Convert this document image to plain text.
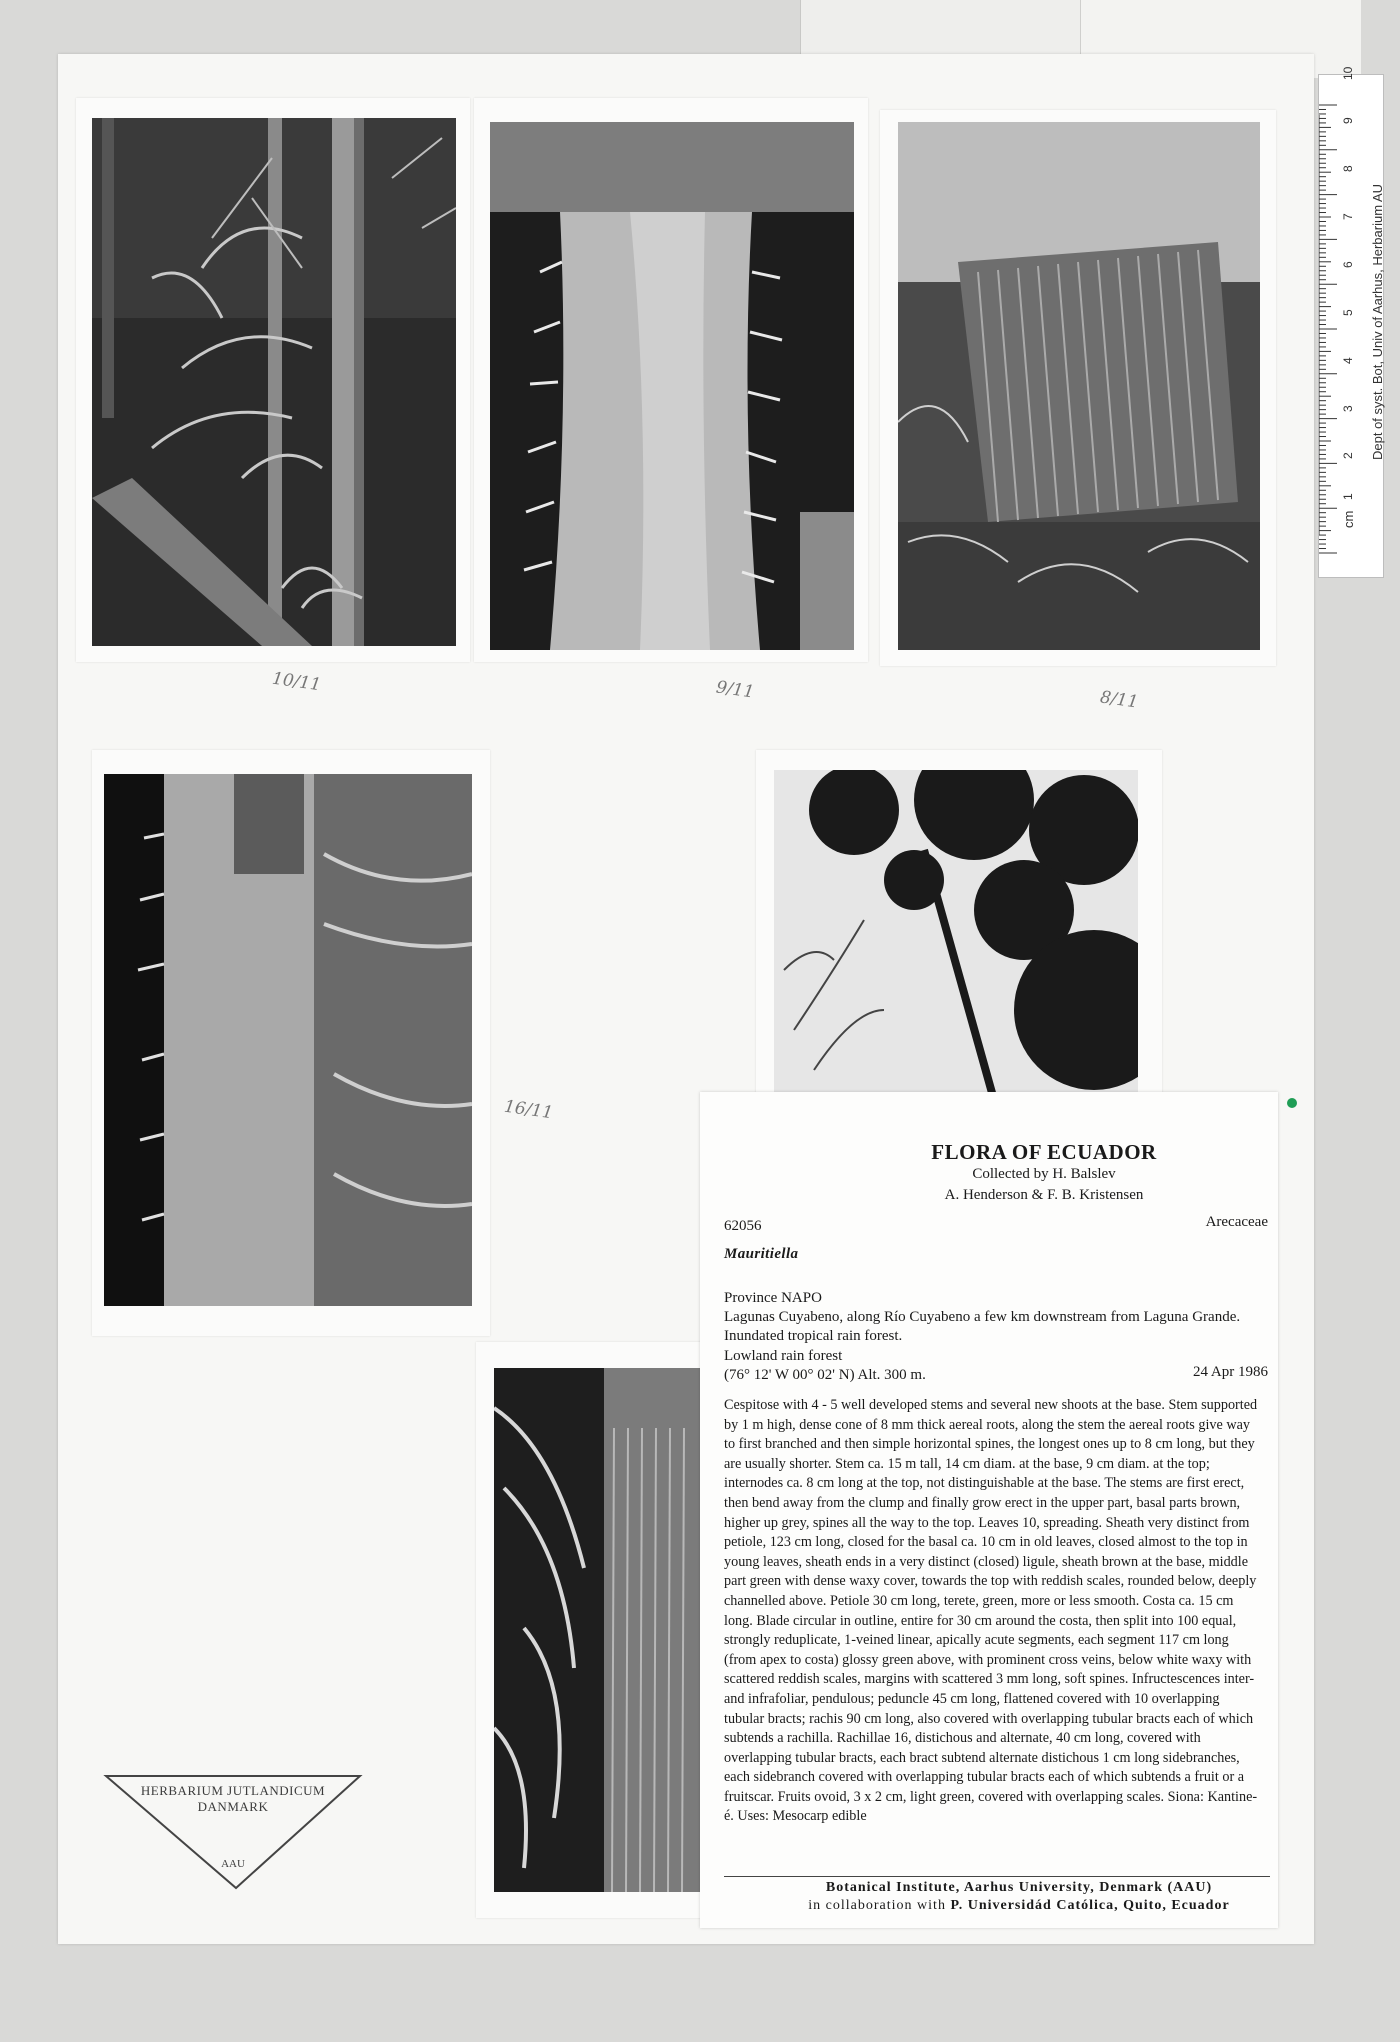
10/11	9/11	8/11
16/11
cm
1
2
3
4
5
6
7
8
9
10
Dept of syst. Bot, Univ of Aarhus, Herbarium AU
FLORA OF ECUADOR
Collected by H. Balslev
A. Henderson & F. B. Kristensen
62056	Arecaceae
Mauritiella
Province NAPO
Lagunas Cuyabeno, along Río Cuyabeno a few km downstream from Laguna Grande. Inundated tropical rain forest.
Lowland rain forest
(76° 12' W 00° 02' N) Alt. 300 m.	24 Apr 1986
Cespitose with 4 - 5 well developed stems and several new shoots at the base. Stem supported by 1 m high, dense cone of 8 mm thick aereal roots, along the stem the aereal roots give way to first branched and then simple horizontal spines, the longest ones up to 8 cm long, but they are usually shorter. Stem ca. 15 m tall, 14 cm diam. at the base, 9 cm diam. at the top; internodes ca. 8 cm long at the top, not distinguishable at the base. The stems are first erect, then bend away from the clump and finally grow erect in the upper part, basal parts brown, higher up grey, spines all the way to the top. Leaves 10, spreading. Sheath very distinct from petiole, 123 cm long, closed for the basal ca. 10 cm in old leaves, closed almost to the top in young leaves, sheath ends in a very distinct (closed) ligule, sheath brown at the base, middle part green with dense waxy cover, towards the top with reddish scales, rounded below, deeply channelled above. Petiole 30 cm long, terete, green, more or less smooth. Costa ca. 15 cm long. Blade circular in outline, entire for 30 cm around the costa, then split into 100 equal, strongly reduplicate, 1-veined linear, apically acute segments, each segment 117 cm long (from apex to costa) glossy green above, with prominent cross veins, below white waxy with scattered reddish scales, margins with scattered 3 mm long, soft spines. Infructescences inter- and infrafoliar, pendulous; peduncle 45 cm long, flattened covered with 10 overlapping tubular bracts; rachis 90 cm long, also covered with overlapping tubular bracts each of which subtends a rachilla. Rachillae 16, distichous and alternate, 40 cm long, covered with overlapping tubular bracts, each bract subtend alternate distichous 1 cm long sidebranches, each sidebranch covered with overlapping tubular bracts each of which subtends a fruit or a fruitscar. Fruits ovoid, 3 x 2 cm, light green, covered with overlapping scales. Siona: Kantine-é. Uses: Mesocarp edible
Botanical Institute, Aarhus University, Denmark (AAU)
in collaboration with P. Universidád Católica, Quito, Ecuador
HERBARIUM JUTLANDICUM
DANMARK
AAU
